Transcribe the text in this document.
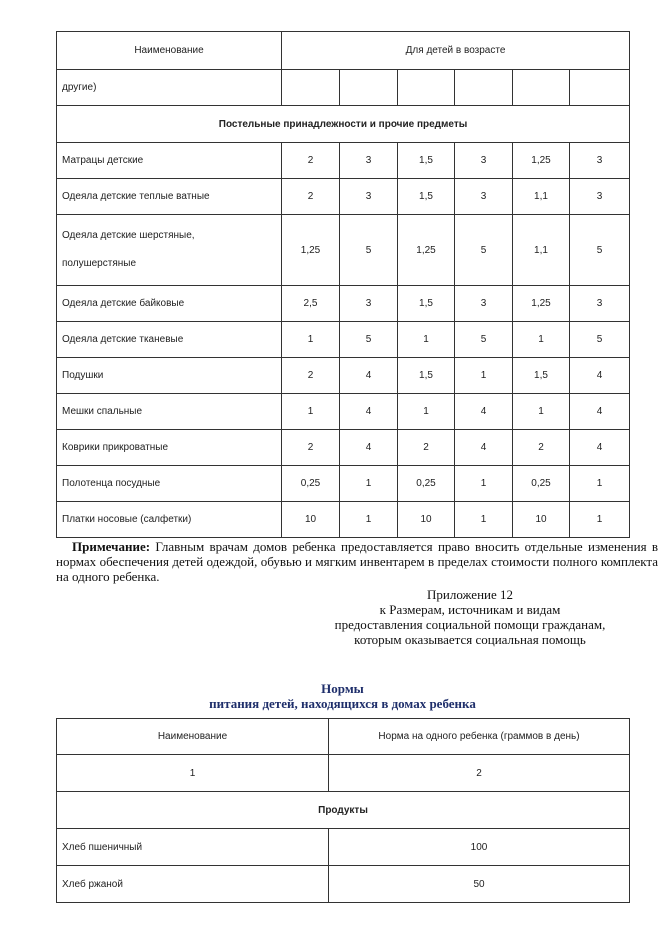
Наименование	Для детей в возрасте					
другие)						
Постельные принадлежности и прочие предметы						
Матрацы детские	2	3	1,5	3	1,25	3
Одеяла детские теплые ватные	2	3	1,5	3	1,1	3
Одеяла детские шерстяные,
полушерстяные	1,25	5	1,25	5	1,1	5
Одеяла детские байковые	2,5	3	1,5	3	1,25	3
Одеяла детские тканевые	1	5	1	5	1	5
Подушки	2	4	1,5	1	1,5	4
Мешки спальные	1	4	1	4	1	4
Коврики прикроватные	2	4	2	4	2	4
Полотенца посудные	0,25	1	0,25	1	0,25	1
Платки носовые (салфетки)	10	1	10	1	10	1
Примечание: Главным врачам домов ребенка предоставляется право вносить отдельные изменения в нормах обеспечения детей одеждой, обувью и мягким инвентарем в пределах стоимости полного комплекта на одного ребенка.
Приложение 12
к Размерам, источникам и видам
предоставления социальной помощи гражданам,
которым оказывается социальная помощь
Нормы
питания детей, находящихся в домах ребенка
Наименование	Норма на одного ребенка (граммов в день)
1	2
Продукты	
Хлеб пшеничный	100
Хлеб ржаной	50
